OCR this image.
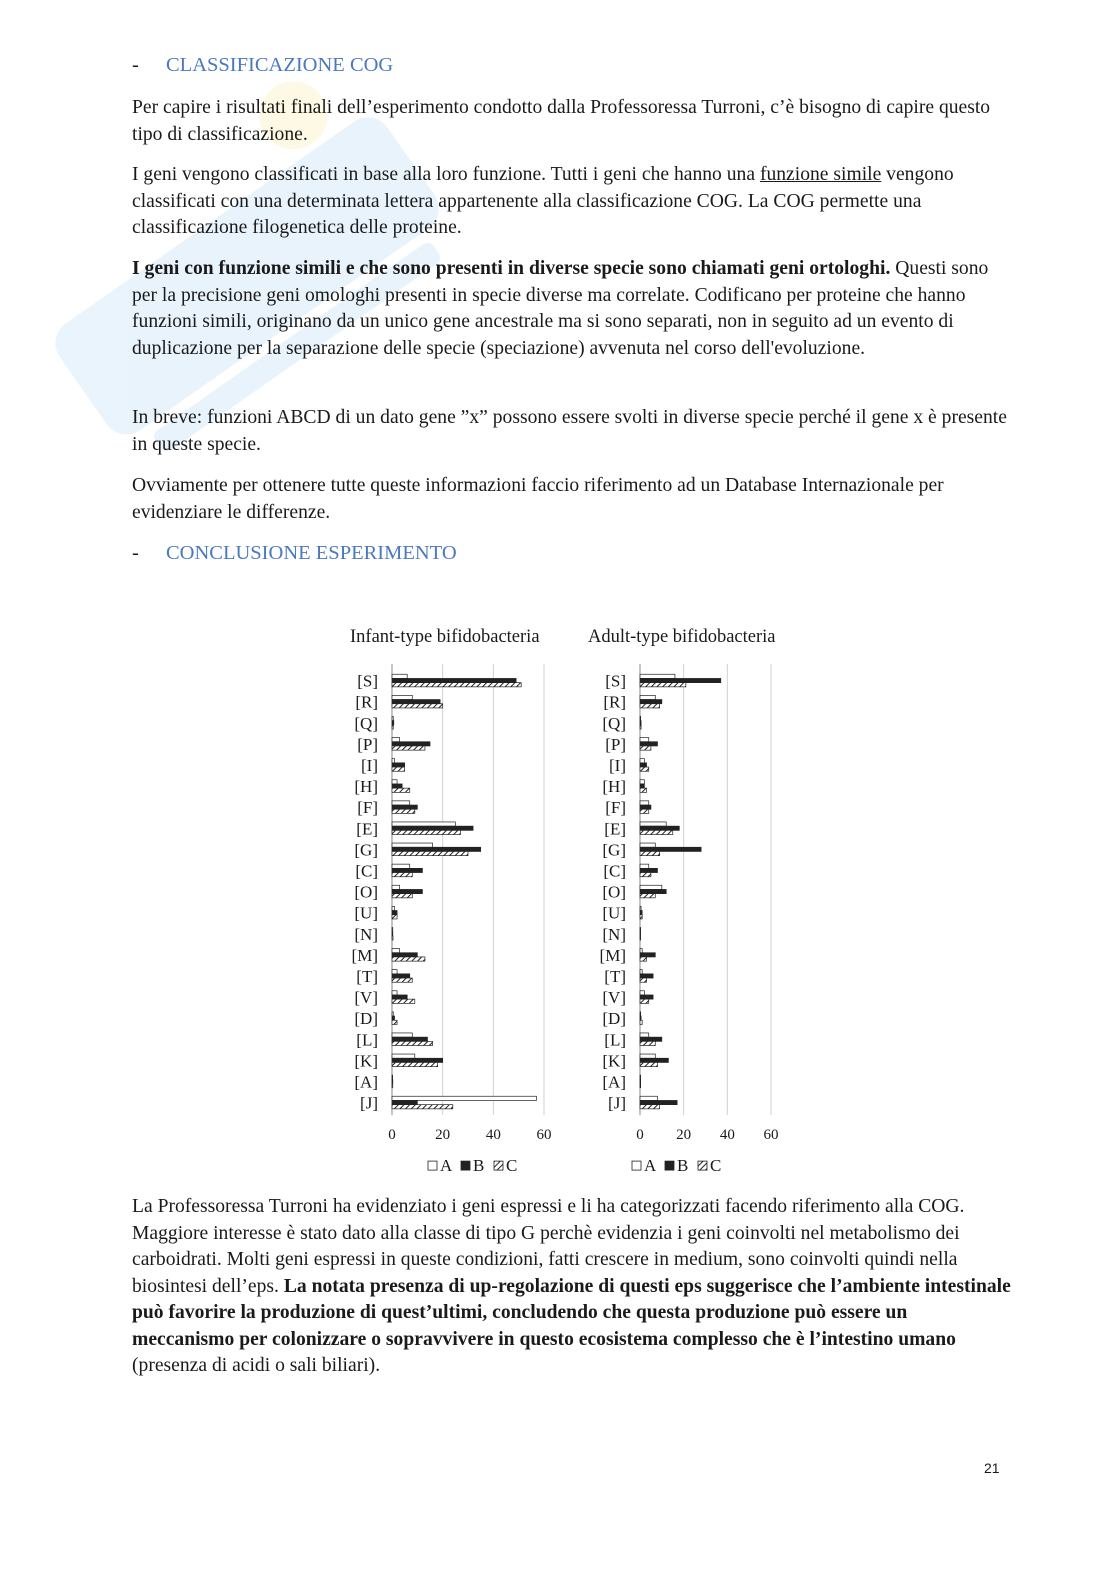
- CLASSIFICAZIONE COG

Per capire i risultati finali dell’esperimento condotto dalla Professoressa Turroni, c’è bisogno di capire questo tipo di classificazione.

I geni vengono classificati in base alla loro funzione. Tutti i geni che hanno una funzione simile vengono classificati con una determinata lettera appartenente alla classificazione COG. La COG permette una classificazione filogenetica delle proteine.

I geni con funzione simili e che sono presenti in diverse specie sono chiamati geni ortologhi. Questi sono per la precisione geni omologhi presenti in specie diverse ma correlate. Codificano per proteine che hanno funzioni simili, originano da un unico gene ancestrale ma si sono separati, non in seguito ad un evento di duplicazione per la separazione delle specie (speciazione) avvenuta nel corso dell'evoluzione.

In breve: funzioni ABCD di un dato gene ”x” possono essere svolti in diverse specie perché il gene x è presente in queste specie.

Ovviamente per ottenere tutte queste informazioni faccio riferimento ad un Database Internazionale per evidenziare le differenze.

- CONCLUSIONE ESPERIMENTO
Infant-type bifidobacteria
0	20 40 60
[S]
[R]
[Q]
[P]
[I]
[H]
[F]
[E]
[G]
[C]
[O]
[U]
[N]
[M]
[T]
[V]
[D]
[L]
[K]
[A]
[J]
A B C
Adult-type bifidobacteria
0 20 40 60
[S]
[R]
[Q]
[P]
[I]
[H]
[F]
[E]
[G]
[C]
[O]
[U]
[N]
[M]
[T]
[V]
[D]
[L]
[K]
[A]
[J]
A B C

La Professoressa Turroni ha evidenziato i geni espressi e li ha categorizzati facendo riferimento alla COG. Maggiore interesse è stato dato alla classe di tipo G perchè evidenzia i geni coinvolti nel metabolismo dei carboidrati. Molti geni espressi in queste condizioni, fatti crescere in medium, sono coinvolti quindi nella biosintesi dell’eps. La notata presenza di up-regolazione di questi eps suggerisce che l’ambiente intestinale può favorire la produzione di quest’ultimi, concludendo che questa produzione può essere un meccanismo per colonizzare o sopravvivere in questo ecosistema complesso che è l’intestino umano (presenza di acidi o sali biliari).

21
